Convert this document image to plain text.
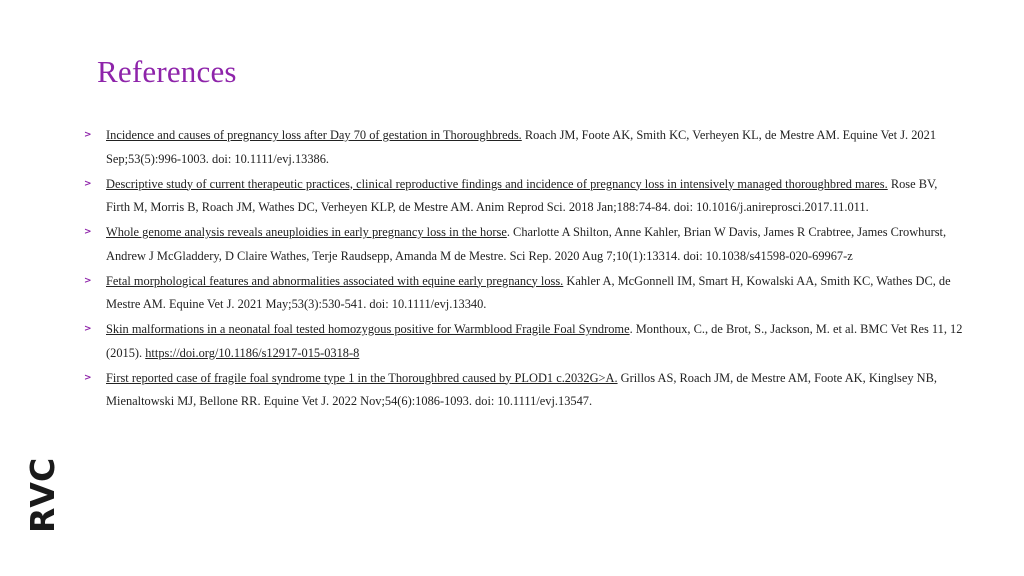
References
> Incidence and causes of pregnancy loss after Day 70 of gestation in Thoroughbreds. Roach JM, Foote AK, Smith KC, Verheyen KL, de Mestre AM. Equine Vet J. 2021 Sep;53(5):996-1003. doi: 10.1111/evj.13386.
> Descriptive study of current therapeutic practices, clinical reproductive findings and incidence of pregnancy loss in intensively managed thoroughbred mares. Rose BV, Firth M, Morris B, Roach JM, Wathes DC, Verheyen KLP, de Mestre AM. Anim Reprod Sci. 2018 Jan;188:74-84. doi: 10.1016/j.anireprosci.2017.11.011.
> Whole genome analysis reveals aneuploidies in early pregnancy loss in the horse. Charlotte A Shilton, Anne Kahler, Brian W Davis, James R Crabtree, James Crowhurst, Andrew J McGladdery, D Claire Wathes, Terje Raudsepp, Amanda M de Mestre. Sci Rep. 2020 Aug 7;10(1):13314. doi: 10.1038/s41598-020-69967-z
> Fetal morphological features and abnormalities associated with equine early pregnancy loss. Kahler A, McGonnell IM, Smart H, Kowalski AA, Smith KC, Wathes DC, de Mestre AM. Equine Vet J. 2021 May;53(3):530-541. doi: 10.1111/evj.13340.
> Skin malformations in a neonatal foal tested homozygous positive for Warmblood Fragile Foal Syndrome. Monthoux, C., de Brot, S., Jackson, M. et al. BMC Vet Res 11, 12 (2015). https://doi.org/10.1186/s12917-015-0318-8
> First reported case of fragile foal syndrome type 1 in the Thoroughbred caused by PLOD1 c.2032G>A. Grillos AS, Roach JM, de Mestre AM, Foote AK, Kinglsey NB, Mienaltowski MJ, Bellone RR. Equine Vet J. 2022 Nov;54(6):1086-1093. doi: 10.1111/evj.13547.
RVC
